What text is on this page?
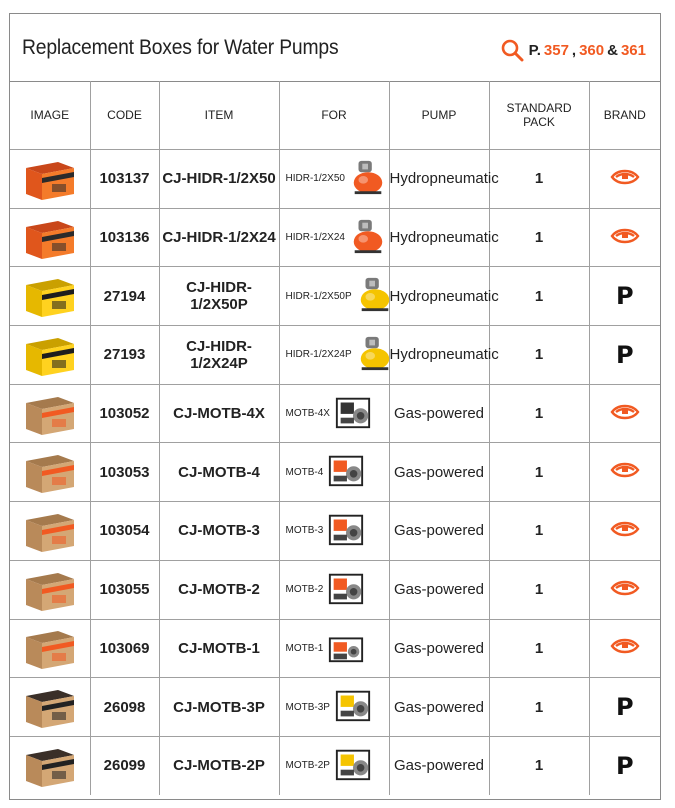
Replacement Boxes for Water Pumps	P. 357 , 360 & 361
IMAGE	CODE	ITEM	FOR	PUMP	STANDARD PACK	BRAND

	103137	CJ-HIDR-1/2X50	HIDR-1/2X50	Hydropneumatic	1	

	103136	CJ-HIDR-1/2X24	HIDR-1/2X24	Hydropneumatic	1	

	27194	CJ-HIDR-1/2X50P	HIDR-1/2X50P	Hydropneumatic	1	P

	27193	CJ-HIDR-1/2X24P	HIDR-1/2X24P	Hydropneumatic	1	P

	103052	CJ-MOTB-4X	MOTB-4X	Gas-powered	1	

	103053	CJ-MOTB-4	MOTB-4	Gas-powered	1	

	103054	CJ-MOTB-3	MOTB-3	Gas-powered	1	

	103055	CJ-MOTB-2	MOTB-2	Gas-powered	1	

	103069	CJ-MOTB-1	MOTB-1	Gas-powered	1	

	26098	CJ-MOTB-3P	MOTB-3P	Gas-powered	1	P

	26099	CJ-MOTB-2P	MOTB-2P	Gas-powered	1	P
